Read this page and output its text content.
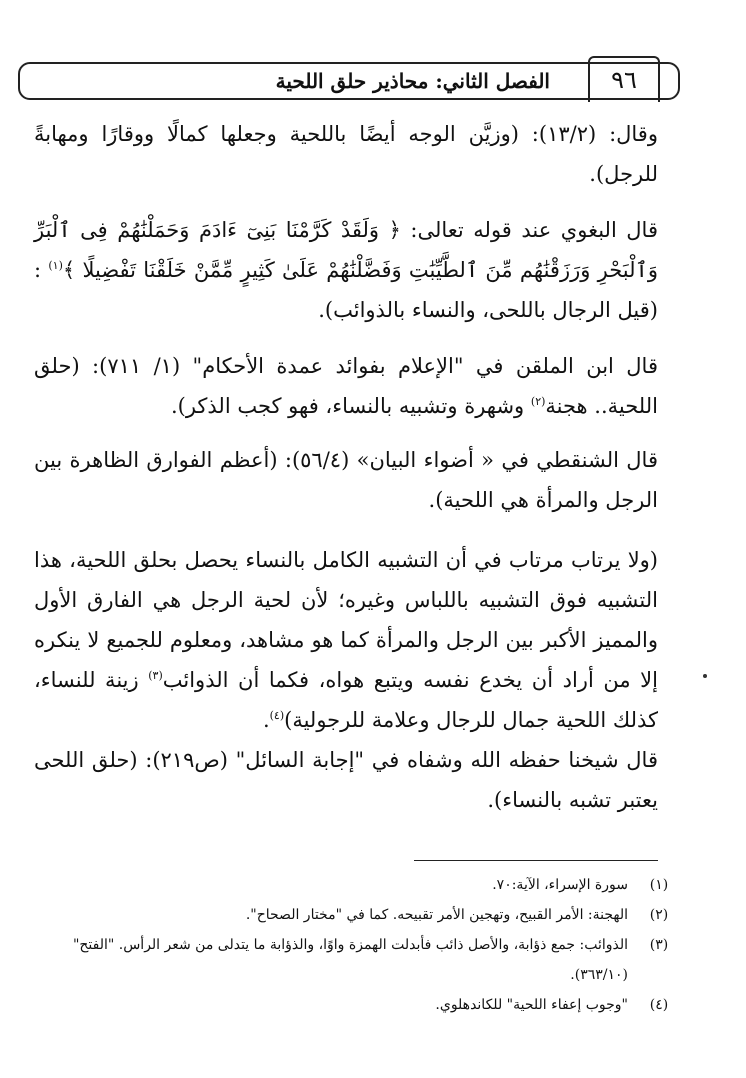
الفصل الثاني: محاذير حلق اللحية	٩٦
وقال: (١٣/٢): (وزيَّن الوجه أيضًا باللحية وجعلها كمالًا ووقارًا ومهابةً للرجل).
قال البغوي عند قوله تعالى: ﴿ وَلَقَدْ كَرَّمْنَا بَنِىٓ ءَادَمَ وَحَمَلْنَٰهُمْ فِى ٱلْبَرِّ وَٱلْبَحْرِ وَرَزَقْنَٰهُم مِّنَ ٱلطَّيِّبَٰتِ وَفَضَّلْنَٰهُمْ عَلَىٰ كَثِيرٍ مِّمَّنْ خَلَقْنَا تَفْضِيلًا ﴾$^{(١)}$ : (قيل الرجال باللحى، والنساء بالذوائب).
قال ابن الملقن في "الإعلام بفوائد عمدة الأحكام" (١/ ٧١١): (حلق اللحية.. هجنة$^{(٢)}$ وشهرة وتشبيه بالنساء، فهو كجب الذكر).
قال الشنقطي في « أضواء البيان» (٥٦/٤): (أعظم الفوارق الظاهرة بين الرجل والمرأة هي اللحية).
(ولا يرتاب مرتاب في أن التشبيه الكامل بالنساء يحصل بحلق اللحية، هذا التشبيه فوق التشبيه باللباس وغيره؛ لأن لحية الرجل هي الفارق الأول والمميز الأكبر بين الرجل والمرأة كما هو مشاهد، ومعلوم للجميع لا ينكره إلا من أراد أن يخدع نفسه ويتبع هواه، فكما أن الذوائب$^{(٣)}$ زينة للنساء، كذلك اللحية جمال للرجال وعلامة للرجولية)$^{(٤)}$.
قال شيخنا حفظه الله وشفاه في "إجابة السائل" (ص٢١٩): (حلق اللحى يعتبر تشبه بالنساء).
(١)
سورة الإسراء، الآية:٧٠.
(٢)
الهجنة: الأمر القبيح، وتهجين الأمر تقبيحه. كما في "مختار الصحاح".
(٣)
الذوائب: جمع ذؤابة، والأصل ذائب فأبدلت الهمزة واوًا، والذؤابة ما يتدلى من شعر الرأس. "الفتح" (٣٦٣/١٠).
(٤)
"وجوب إعفاء اللحية" للكاندهلوي.
